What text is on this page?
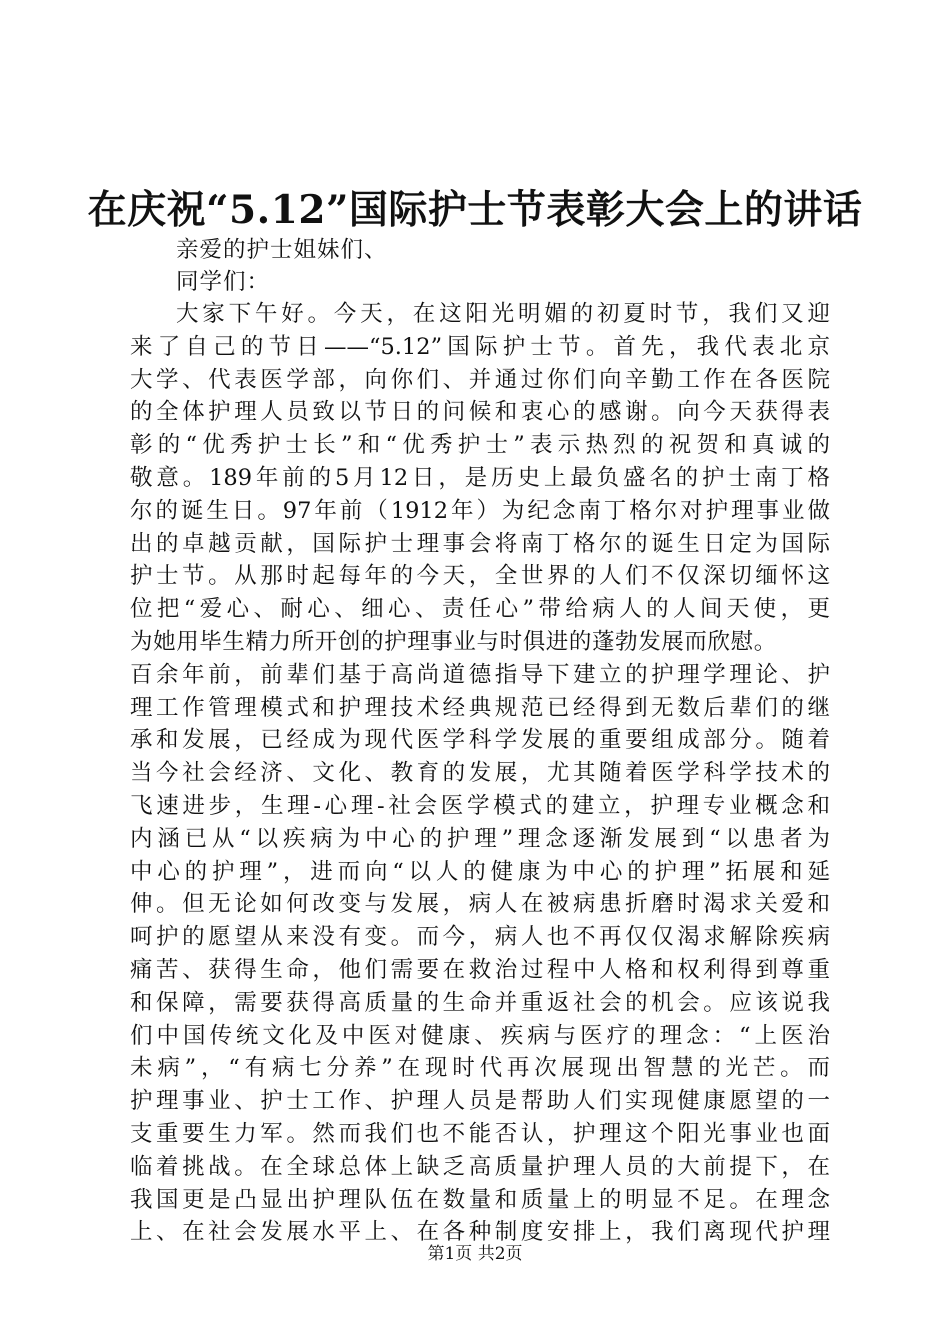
在庆祝“5.12”国际护士节表彰大会上的讲话
亲爱的护士姐妹们、
同学们：
大家下午好。今天，在这阳光明媚的初夏时节，我们又迎
来了自己的节日——“5.12”国际护士节。首先，我代表北京
大学、代表医学部，向你们、并通过你们向辛勤工作在各医院
的全体护理人员致以节日的问候和衷心的感谢。向今天获得表
彰的“优秀护士长”和“优秀护士”表示热烈的祝贺和真诚的
敬意。189年前的5月12日，是历史上最负盛名的护士南丁格
尔的诞生日。97年前（1912年）为纪念南丁格尔对护理事业做
出的卓越贡献，国际护士理事会将南丁格尔的诞生日定为国际
护士节。从那时起每年的今天，全世界的人们不仅深切缅怀这
位把“爱心、耐心、细心、责任心”带给病人的人间天使，更
为她用毕生精力所开创的护理事业与时俱进的蓬勃发展而欣慰。
百余年前，前辈们基于高尚道德指导下建立的护理学理论、护
理工作管理模式和护理技术经典规范已经得到无数后辈们的继
承和发展，已经成为现代医学科学发展的重要组成部分。随着
当今社会经济、文化、教育的发展，尤其随着医学科学技术的
飞速进步，生理-心理-社会医学模式的建立，护理专业概念和
内涵已从“以疾病为中心的护理”理念逐渐发展到“以患者为
中心的护理”，进而向“以人的健康为中心的护理”拓展和延
伸。但无论如何改变与发展，病人在被病患折磨时渴求关爱和
呵护的愿望从来没有变。而今，病人也不再仅仅渴求解除疾病
痛苦、获得生命，他们需要在救治过程中人格和权利得到尊重
和保障，需要获得高质量的生命并重返社会的机会。应该说我
们中国传统文化及中医对健康、疾病与医疗的理念：“上医治
未病”，“有病七分养”在现时代再次展现出智慧的光芒。而
护理事业、护士工作、护理人员是帮助人们实现健康愿望的一
支重要生力军。然而我们也不能否认，护理这个阳光事业也面
临着挑战。在全球总体上缺乏高质量护理人员的大前提下，在
我国更是凸显出护理队伍在数量和质量上的明显不足。在理念
上、在社会发展水平上、在各种制度安排上，我们离现代护理
第1页 共2页
